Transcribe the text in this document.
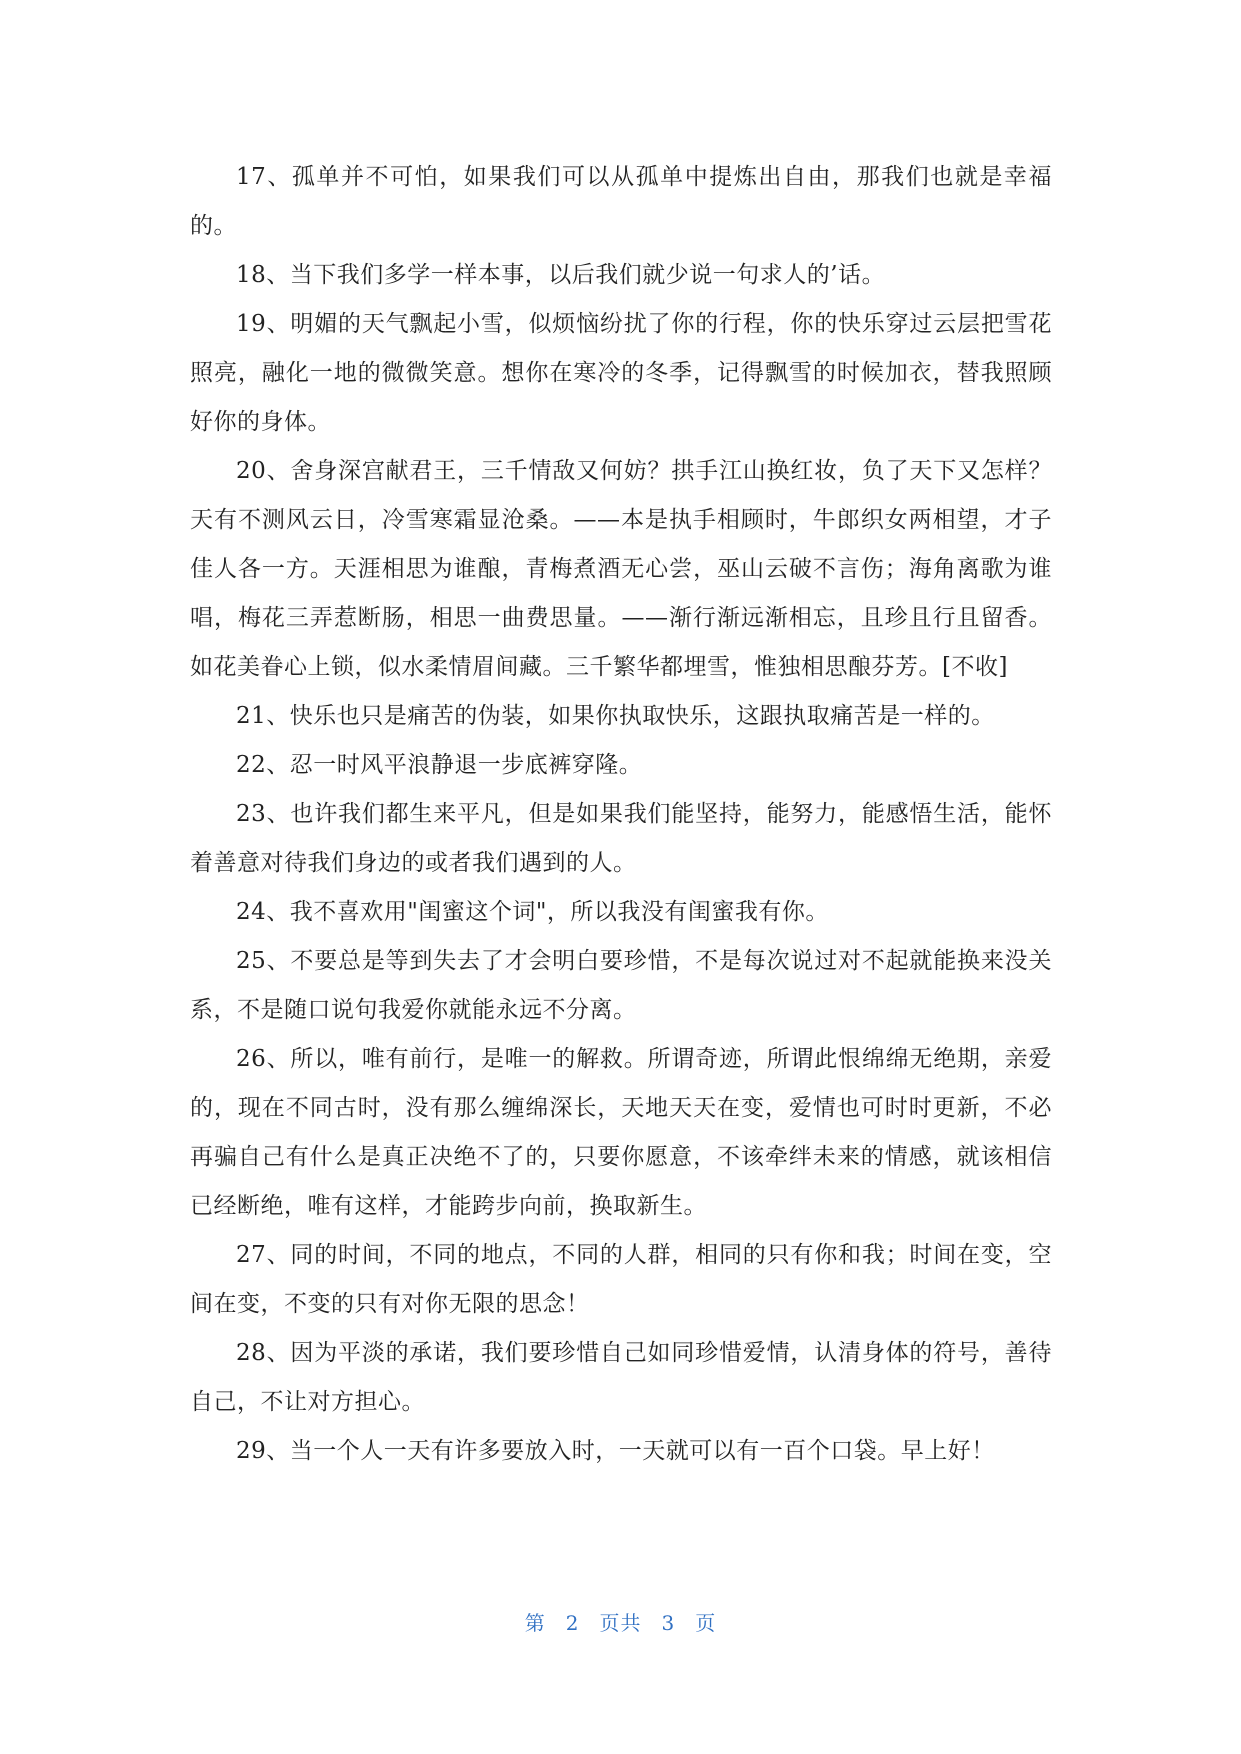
17、孤单并不可怕，如果我们可以从孤单中提炼出自由，那我们也就是幸福的。

18、当下我们多学一样本事，以后我们就少说一句求人的’话。

19、明媚的天气飘起小雪，似烦恼纷扰了你的行程，你的快乐穿过云层把雪花照亮，融化一地的微微笑意。想你在寒冷的冬季，记得飘雪的时候加衣，替我照顾好你的身体。

20、舍身深宫献君王，三千情敌又何妨？拱手江山换红妆，负了天下又怎样？天有不测风云日，冷雪寒霜显沧桑。——本是执手相顾时，牛郎织女两相望，才子佳人各一方。天涯相思为谁酿，青梅煮酒无心尝，巫山云破不言伤；海角离歌为谁唱，梅花三弄惹断肠，相思一曲费思量。——渐行渐远渐相忘，且珍且行且留香。如花美眷心上锁，似水柔情眉间藏。三千繁华都埋雪，惟独相思酿芬芳。[不收]

21、快乐也只是痛苦的伪装，如果你执取快乐，这跟执取痛苦是一样的。

22、忍一时风平浪静退一步底裤穿隆。

23、也许我们都生来平凡，但是如果我们能坚持，能努力，能感悟生活，能怀着善意对待我们身边的或者我们遇到的人。

24、我不喜欢用"闺蜜这个词"，所以我没有闺蜜我有你。

25、不要总是等到失去了才会明白要珍惜，不是每次说过对不起就能换来没关系，不是随口说句我爱你就能永远不分离。

26、所以，唯有前行，是唯一的解救。所谓奇迹，所谓此恨绵绵无绝期，亲爱的，现在不同古时，没有那么缠绵深长，天地天天在变，爱情也可时时更新，不必再骗自己有什么是真正决绝不了的，只要你愿意，不该牵绊未来的情感，就该相信已经断绝，唯有这样，才能跨步向前，换取新生。

27、同的时间，不同的地点，不同的人群，相同的只有你和我；时间在变，空间在变，不变的只有对你无限的思念！

28、因为平淡的承诺，我们要珍惜自己如同珍惜爱情，认清身体的符号，善待自己，不让对方担心。

29、当一个人一天有许多要放入时，一天就可以有一百个口袋。早上好！

第 2 页共 3 页
